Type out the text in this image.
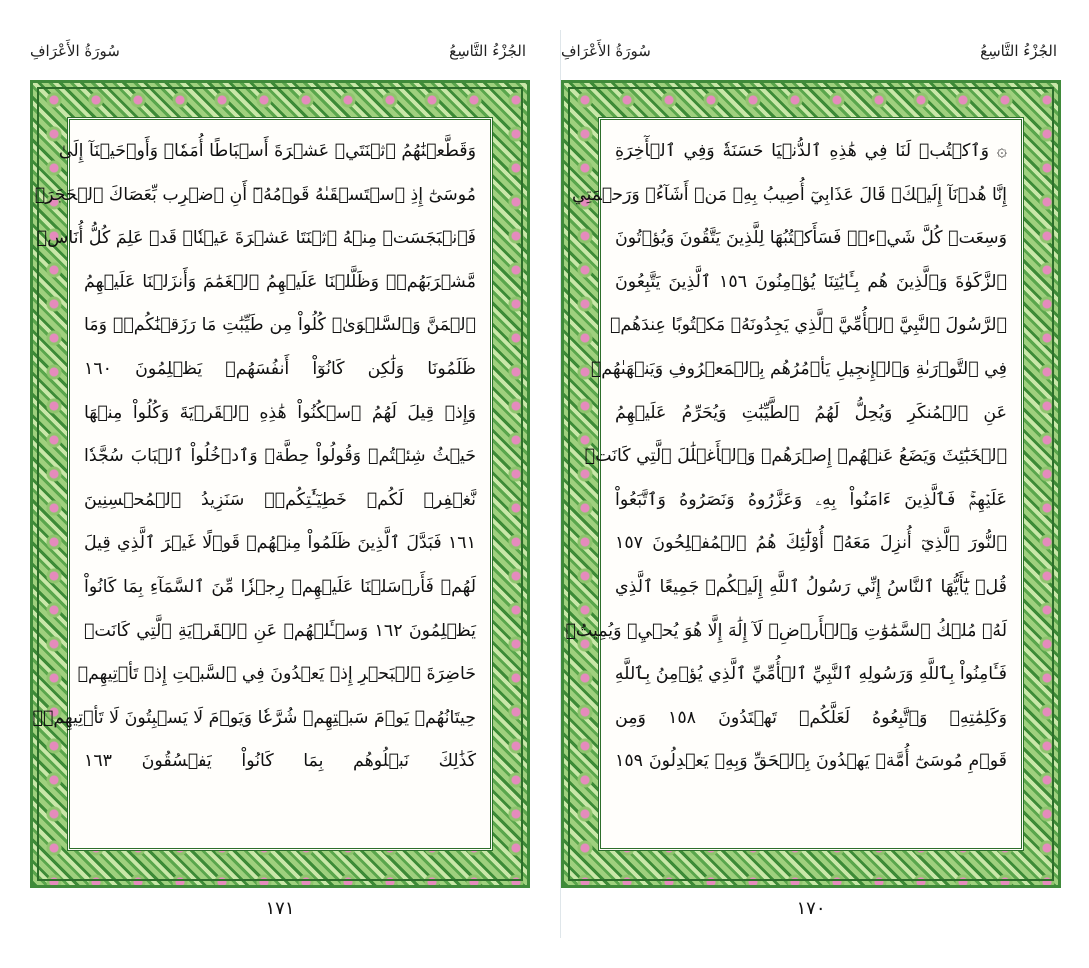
الجُزْءُ التَّاسِعُ
سُورَةُ الأَعْرَافِ
وَقَطَّعۡنَٰهُمُ ٱثۡنَتَيۡ عَشۡرَةَ أَسۡبَاطًا أُمَمٗاۚ وَأَوۡحَيۡنَآ إِلَىٰ
مُوسَىٰٓ إِذِ ٱسۡتَسۡقَىٰهُ قَوۡمُهُۥٓ أَنِ ٱضۡرِب بِّعَصَاكَ ٱلۡحَجَرَۖ
فَٱنۢبَجَسَتۡ مِنۡهُ ٱثۡنَتَا عَشۡرَةَ عَيۡنٗاۖ قَدۡ عَلِمَ كُلُّ أُنَاسٖ
مَّشۡرَبَهُمۡۚ وَظَلَّلۡنَا عَلَيۡهِمُ ٱلۡغَمَٰمَ وَأَنزَلۡنَا عَلَيۡهِمُ
ٱلۡمَنَّ وَٱلسَّلۡوَىٰۖ كُلُواْ مِن طَيِّبَٰتِ مَا رَزَقۡنَٰكُمۡۚ وَمَا
ظَلَمُونَا وَلَٰكِن كَانُوٓاْ أَنفُسَهُمۡ يَظۡلِمُونَ ١٦٠
وَإِذۡ قِيلَ لَهُمُ ٱسۡكُنُواْ هَٰذِهِ ٱلۡقَرۡيَةَ وَكُلُواْ مِنۡهَا
حَيۡثُ شِئۡتُمۡ وَقُولُواْ حِطَّةٞ وَٱدۡخُلُواْ ٱلۡبَابَ سُجَّدٗا
نَّغۡفِرۡ لَكُمۡ خَطِيٓـَٰٔتِكُمۡۚ سَنَزِيدُ ٱلۡمُحۡسِنِينَ
١٦١ فَبَدَّلَ ٱلَّذِينَ ظَلَمُواْ مِنۡهُمۡ قَوۡلًا غَيۡرَ ٱلَّذِي قِيلَ
لَهُمۡ فَأَرۡسَلۡنَا عَلَيۡهِمۡ رِجۡزٗا مِّنَ ٱلسَّمَآءِ بِمَا كَانُواْ
يَظۡلِمُونَ ١٦٢ وَسۡـَٔلۡهُمۡ عَنِ ٱلۡقَرۡيَةِ ٱلَّتِي كَانَتۡ
حَاضِرَةَ ٱلۡبَحۡرِ إِذۡ يَعۡدُونَ فِي ٱلسَّبۡتِ إِذۡ تَأۡتِيهِمۡ
حِيتَانُهُمۡ يَوۡمَ سَبۡتِهِمۡ شُرَّعٗا وَيَوۡمَ لَا يَسۡبِتُونَ لَا تَأۡتِيهِمۡۚ
كَذَٰلِكَ نَبۡلُوهُم بِمَا كَانُواْ يَفۡسُقُونَ ١٦٣
١٧١
الجُزْءُ التَّاسِعُ
سُورَةُ الأَعْرَافِ
۞ وَٱكۡتُبۡ لَنَا فِي هَٰذِهِ ٱلدُّنۡيَا حَسَنَةٗ وَفِي ٱلۡأٓخِرَةِ
إِنَّا هُدۡنَآ إِلَيۡكَۚ قَالَ عَذَابِيٓ أُصِيبُ بِهِۦ مَنۡ أَشَآءُۖ وَرَحۡمَتِي
وَسِعَتۡ كُلَّ شَيۡءٖۚ فَسَأَكۡتُبُهَا لِلَّذِينَ يَتَّقُونَ وَيُؤۡتُونَ
ٱلزَّكَوٰةَ وَٱلَّذِينَ هُم بِـَٔايَٰتِنَا يُؤۡمِنُونَ ١٥٦ ٱلَّذِينَ يَتَّبِعُونَ
ٱلرَّسُولَ ٱلنَّبِيَّ ٱلۡأُمِّيَّ ٱلَّذِي يَجِدُونَهُۥ مَكۡتُوبًا عِندَهُمۡ
فِي ٱلتَّوۡرَىٰةِ وَٱلۡإِنجِيلِ يَأۡمُرُهُم بِٱلۡمَعۡرُوفِ وَيَنۡهَىٰهُمۡ
عَنِ ٱلۡمُنكَرِ وَيُحِلُّ لَهُمُ ٱلطَّيِّبَٰتِ وَيُحَرِّمُ عَلَيۡهِمُ
ٱلۡخَبَٰٓئِثَ وَيَضَعُ عَنۡهُمۡ إِصۡرَهُمۡ وَٱلۡأَغۡلَٰلَ ٱلَّتِي كَانَتۡ
عَلَيۡهِمۡۚ فَٱلَّذِينَ ءَامَنُواْ بِهِۦ وَعَزَّرُوهُ وَنَصَرُوهُ وَٱتَّبَعُواْ
ٱلنُّورَ ٱلَّذِيٓ أُنزِلَ مَعَهُۥٓ أُوْلَٰٓئِكَ هُمُ ٱلۡمُفۡلِحُونَ ١٥٧
قُلۡ يَٰٓأَيُّهَا ٱلنَّاسُ إِنِّي رَسُولُ ٱللَّهِ إِلَيۡكُمۡ جَمِيعًا ٱلَّذِي
لَهُۥ مُلۡكُ ٱلسَّمَٰوَٰتِ وَٱلۡأَرۡضِۖ لَآ إِلَٰهَ إِلَّا هُوَ يُحۡيِۦ وَيُمِيتُۖ
فَـَٔامِنُواْ بِٱللَّهِ وَرَسُولِهِ ٱلنَّبِيِّ ٱلۡأُمِّيِّ ٱلَّذِي يُؤۡمِنُ بِٱللَّهِ
وَكَلِمَٰتِهِۦ وَٱتَّبِعُوهُ لَعَلَّكُمۡ تَهۡتَدُونَ ١٥٨ وَمِن
قَوۡمِ مُوسَىٰٓ أُمَّةٞ يَهۡدُونَ بِٱلۡحَقِّ وَبِهِۦ يَعۡدِلُونَ ١٥٩
١٧٠
